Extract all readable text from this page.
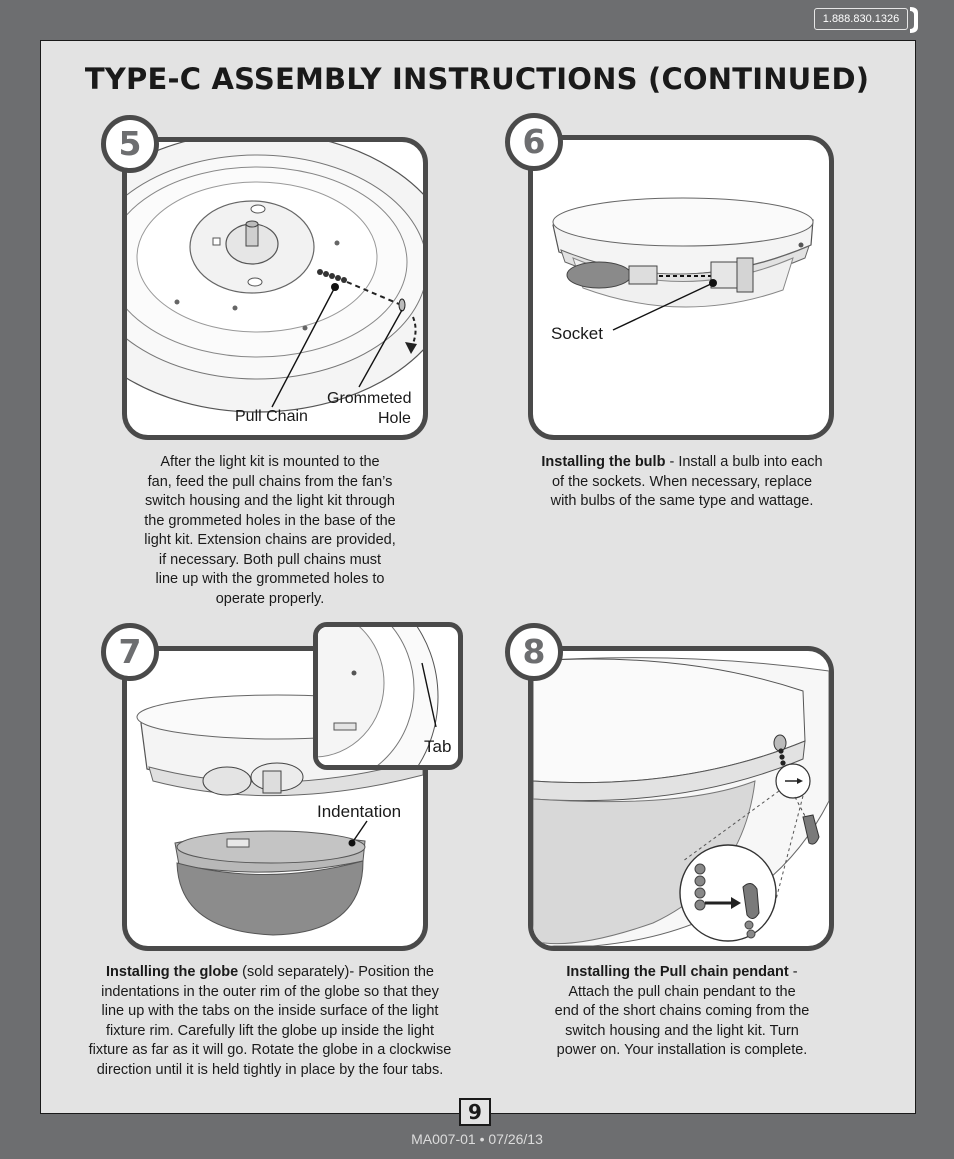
1.888.830.1326
TYPE-C ASSEMBLY INSTRUCTIONS (CONTINUED)
Pull Chain
Grommeted
Hole
5
After the light kit is mounted to the
fan, feed the pull chains from the fan’s
switch housing and the light kit through
the grommeted holes in the base of the
light kit. Extension chains are provided,
if necessary. Both pull chains must
line up with the grommeted holes to
operate properly.
Socket
6
Installing the bulb - Install a bulb into each
of the sockets. When necessary, replace
with bulbs of the same type and wattage.
Indentation
7
Tab
Installing the globe (sold separately)- Position the
indentations in the outer rim of the globe so that they
line up with the tabs on the inside surface of the light
fixture rim. Carefully lift the globe up inside the light
fixture as far as it will go. Rotate the globe in a clockwise
direction until it is held tightly in place by the four tabs.
8
Installing the Pull chain pendant -
Attach the pull chain pendant to the
end of the short chains coming from the
switch housing and the light kit. Turn
power on. Your installation is complete.
9
MA007-01 • 07/26/13
